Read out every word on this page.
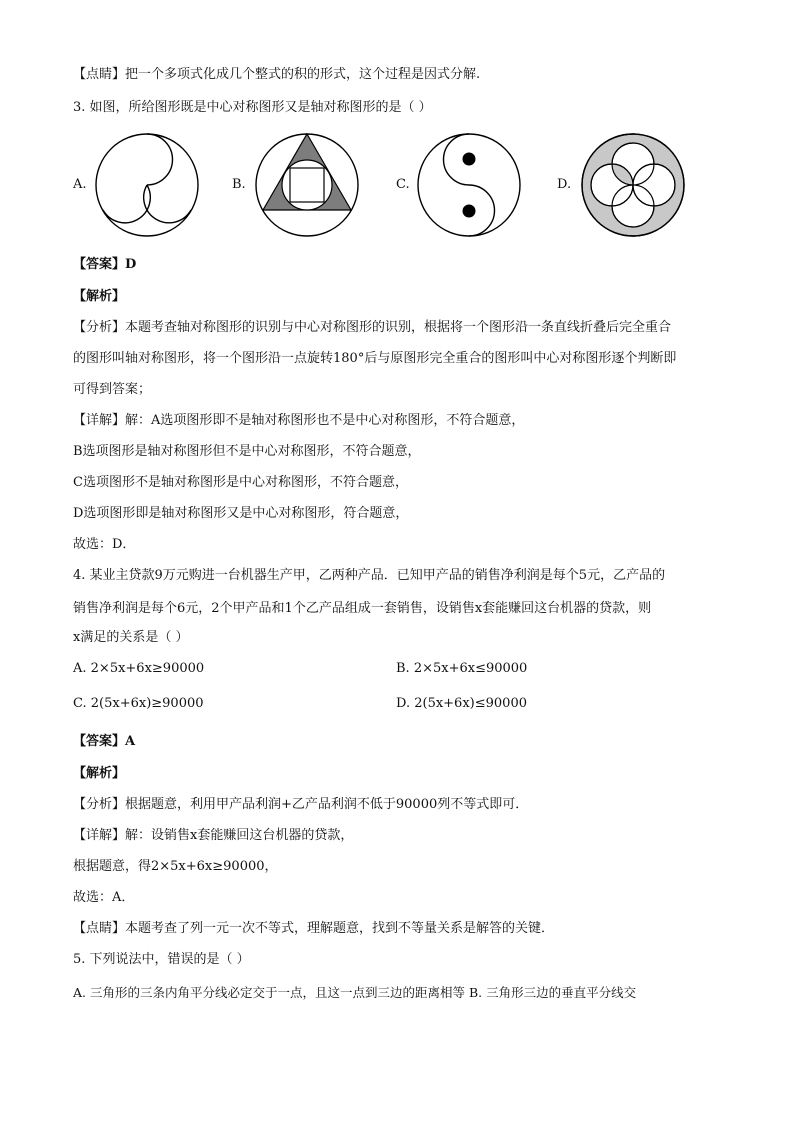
【点睛】把一个多项式化成几个整式的积的形式，这个过程是因式分解.
3. 如图，所给图形既是中心对称图形又是轴对称图形的是（ ）
A.	B.	C.	D.
【答案】D
【解析】
【分析】本题考查轴对称图形的识别与中心对称图形的识别，根据将一个图形沿一条直线折叠后完全重合
的图形叫轴对称图形，将一个图形沿一点旋转180°后与原图形完全重合的图形叫中心对称图形逐个判断即
可得到答案；
【详解】解：A选项图形即不是轴对称图形也不是中心对称图形，不符合题意，
B选项图形是轴对称图形但不是中心对称图形，不符合题意，
C选项图形不是轴对称图形是中心对称图形，不符合题意，
D选项图形即是轴对称图形又是中心对称图形，符合题意，
故选：D．
4. 某业主贷款9万元购进一台机器生产甲，乙两种产品．已知甲产品的销售净利润是每个5元，乙产品的
销售净利润是每个6元，2个甲产品和1个乙产品组成一套销售，设销售x套能赚回这台机器的贷款，则
x满足的关系是（ ）
A. 2×5x+6x≥90000	B. 2×5x+6x≤90000
C. 2(5x+6x)≥90000	D. 2(5x+6x)≤90000
【答案】A
【解析】
【分析】根据题意，利用甲产品利润+乙产品利润不低于90000列不等式即可．
【详解】解：设销售x套能赚回这台机器的贷款，
根据题意，得2×5x+6x≥90000，
故选：A．
【点睛】本题考查了列一元一次不等式，理解题意，找到不等量关系是解答的关键．
5. 下列说法中，错误的是（ ）
A. 三角形的三条内角平分线必定交于一点，且这一点到三边的距离相等 B. 三角形三边的垂直平分线交
